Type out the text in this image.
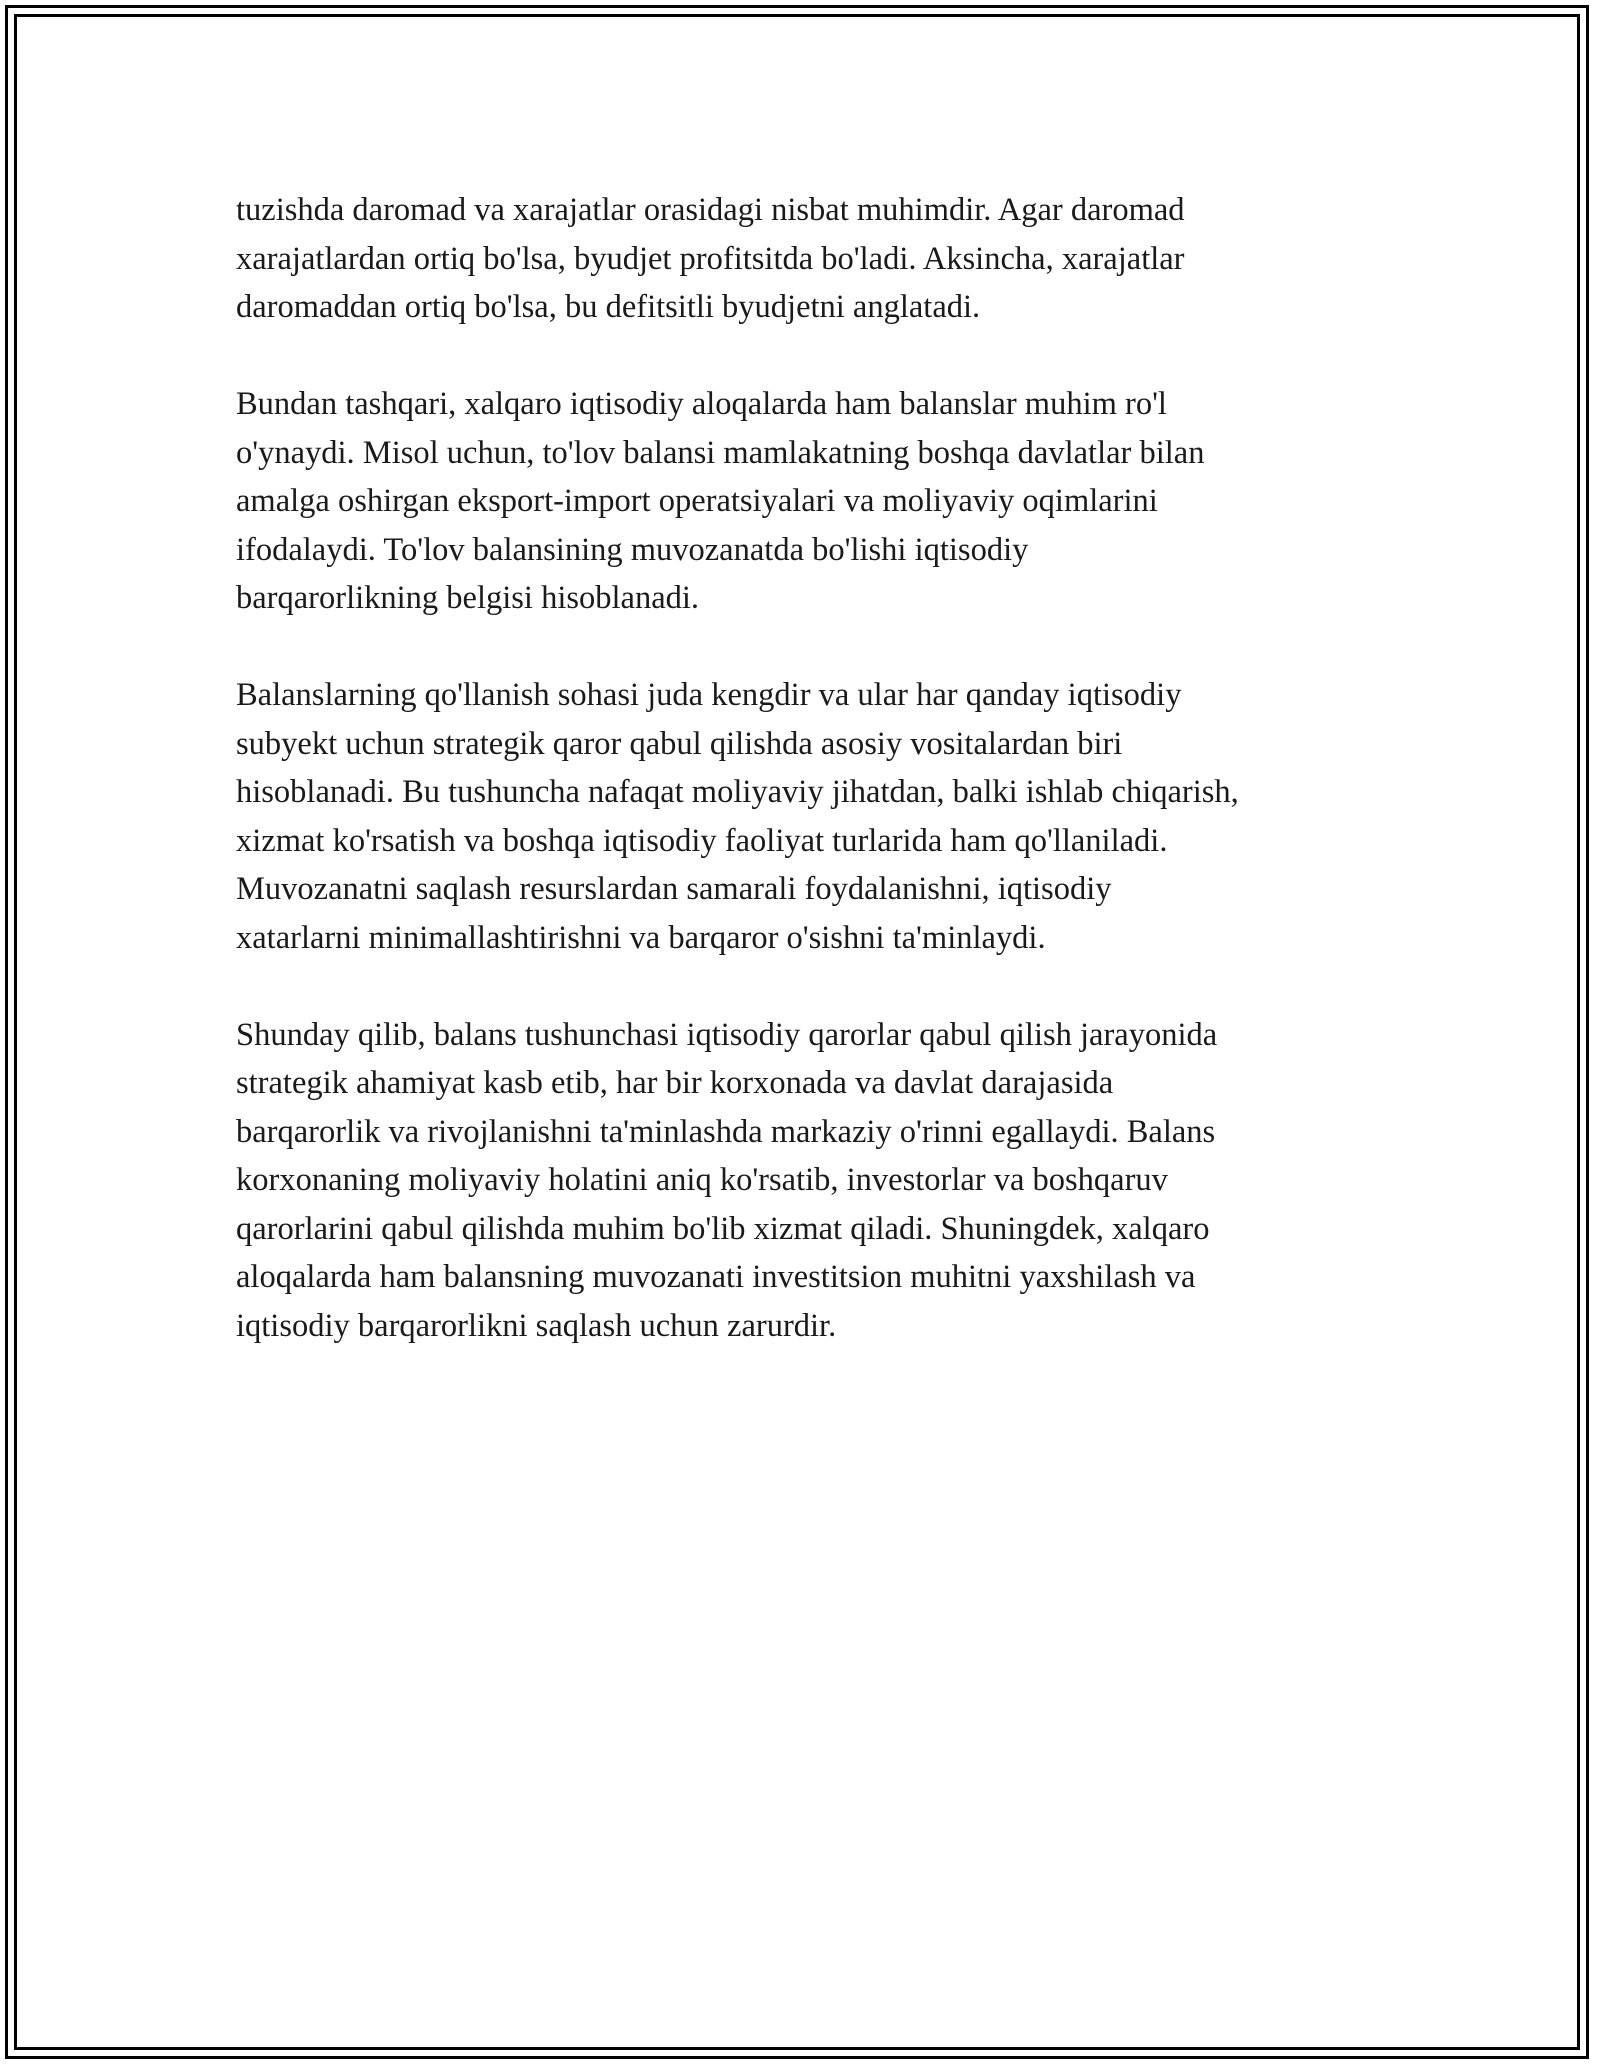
tuzishda daromad va xarajatlar orasidagi nisbat muhimdir. Agar daromad
xarajatlardan ortiq bo'lsa, byudjet profitsitda bo'ladi. Aksincha, xarajatlar
daromaddan ortiq bo'lsa, bu defitsitli byudjetni anglatadi.

Bundan tashqari, xalqaro iqtisodiy aloqalarda ham balanslar muhim ro'l
o'ynaydi. Misol uchun, to'lov balansi mamlakatning boshqa davlatlar bilan
amalga oshirgan eksport-import operatsiyalari va moliyaviy oqimlarini
ifodalaydi. To'lov balansining muvozanatda bo'lishi iqtisodiy
barqarorlikning belgisi hisoblanadi.

Balanslarning qo'llanish sohasi juda kengdir va ular har qanday iqtisodiy
subyekt uchun strategik qaror qabul qilishda asosiy vositalardan biri
hisoblanadi. Bu tushuncha nafaqat moliyaviy jihatdan, balki ishlab chiqarish,
xizmat ko'rsatish va boshqa iqtisodiy faoliyat turlarida ham qo'llaniladi.
Muvozanatni saqlash resurslardan samarali foydalanishni, iqtisodiy
xatarlarni minimallashtirishni va barqaror o'sishni ta'minlaydi.

Shunday qilib, balans tushunchasi iqtisodiy qarorlar qabul qilish jarayonida
strategik ahamiyat kasb etib, har bir korxonada va davlat darajasida
barqarorlik va rivojlanishni ta'minlashda markaziy o'rinni egallaydi. Balans
korxonaning moliyaviy holatini aniq ko'rsatib, investorlar va boshqaruv
qarorlarini qabul qilishda muhim bo'lib xizmat qiladi. Shuningdek, xalqaro
aloqalarda ham balansning muvozanati investitsion muhitni yaxshilash va
iqtisodiy barqarorlikni saqlash uchun zarurdir.
